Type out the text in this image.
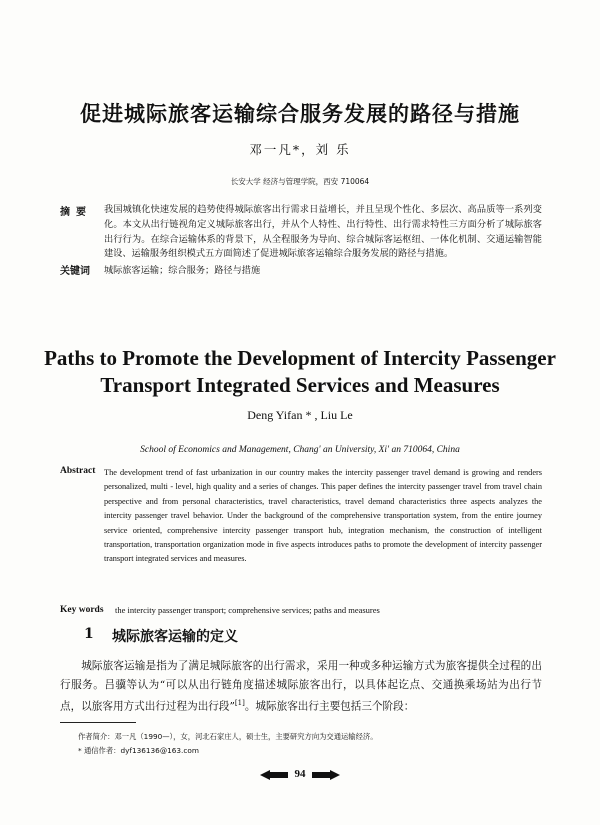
促进城际旅客运输综合服务发展的路径与措施
邓一凡*，刘 乐
长安大学 经济与管理学院，西安 710064
摘要 我国城镇化快速发展的趋势使得城际旅客出行需求日益增长，并且呈现个性化、多层次、高品质等一系列变化。本文从出行链视角定义城际旅客出行，并从个人特性、出行特性、出行需求特性三方面分析了城际旅客出行行为。在综合运输体系的背景下，从全程服务为导向、综合城际客运枢纽、一体化机制、交通运输智能建设、运输服务组织模式五方面简述了促进城际旅客运输综合服务发展的路径与措施。
关键词 城际旅客运输；综合服务；路径与措施
Paths to Promote the Development of Intercity Passenger
Transport Integrated Services and Measures
Deng Yifan * , Liu Le
School of Economics and Management, Chang' an University, Xi' an 710064, China
Abstract The development trend of fast urbanization in our country makes the intercity passenger travel demand is growing and renders personalized, multi - level, high quality and a series of changes. This paper defines the intercity passenger travel from travel chain perspective and from personal characteristics, travel characteristics, travel demand characteristics three aspects analyzes the intercity passenger travel behavior. Under the background of the comprehensive transportation system, from the entire journey service oriented, comprehensive intercity passenger transport hub, integration mechanism, the construction of intelligent transportation, transportation organization mode in five aspects introduces paths to promote the development of intercity passenger transport integrated services and measures.
Key words the intercity passenger transport; comprehensive services; paths and measures
1 城际旅客运输的定义
城际旅客运输是指为了满足城际旅客的出行需求，采用一种或多种运输方式为旅客提供全过程的出行服务。吕骥等认为“可以从出行链角度描述城际旅客出行，以具体起讫点、交通换乘场站为出行节点，以旅客用方式出行过程为出行段”[1]。城际旅客出行主要包括三个阶段：
作者简介：邓一凡（1990—），女，河北石家庄人，硕士生，主要研究方向为交通运输经济。
* 通信作者：dyf136136@163.com
94
